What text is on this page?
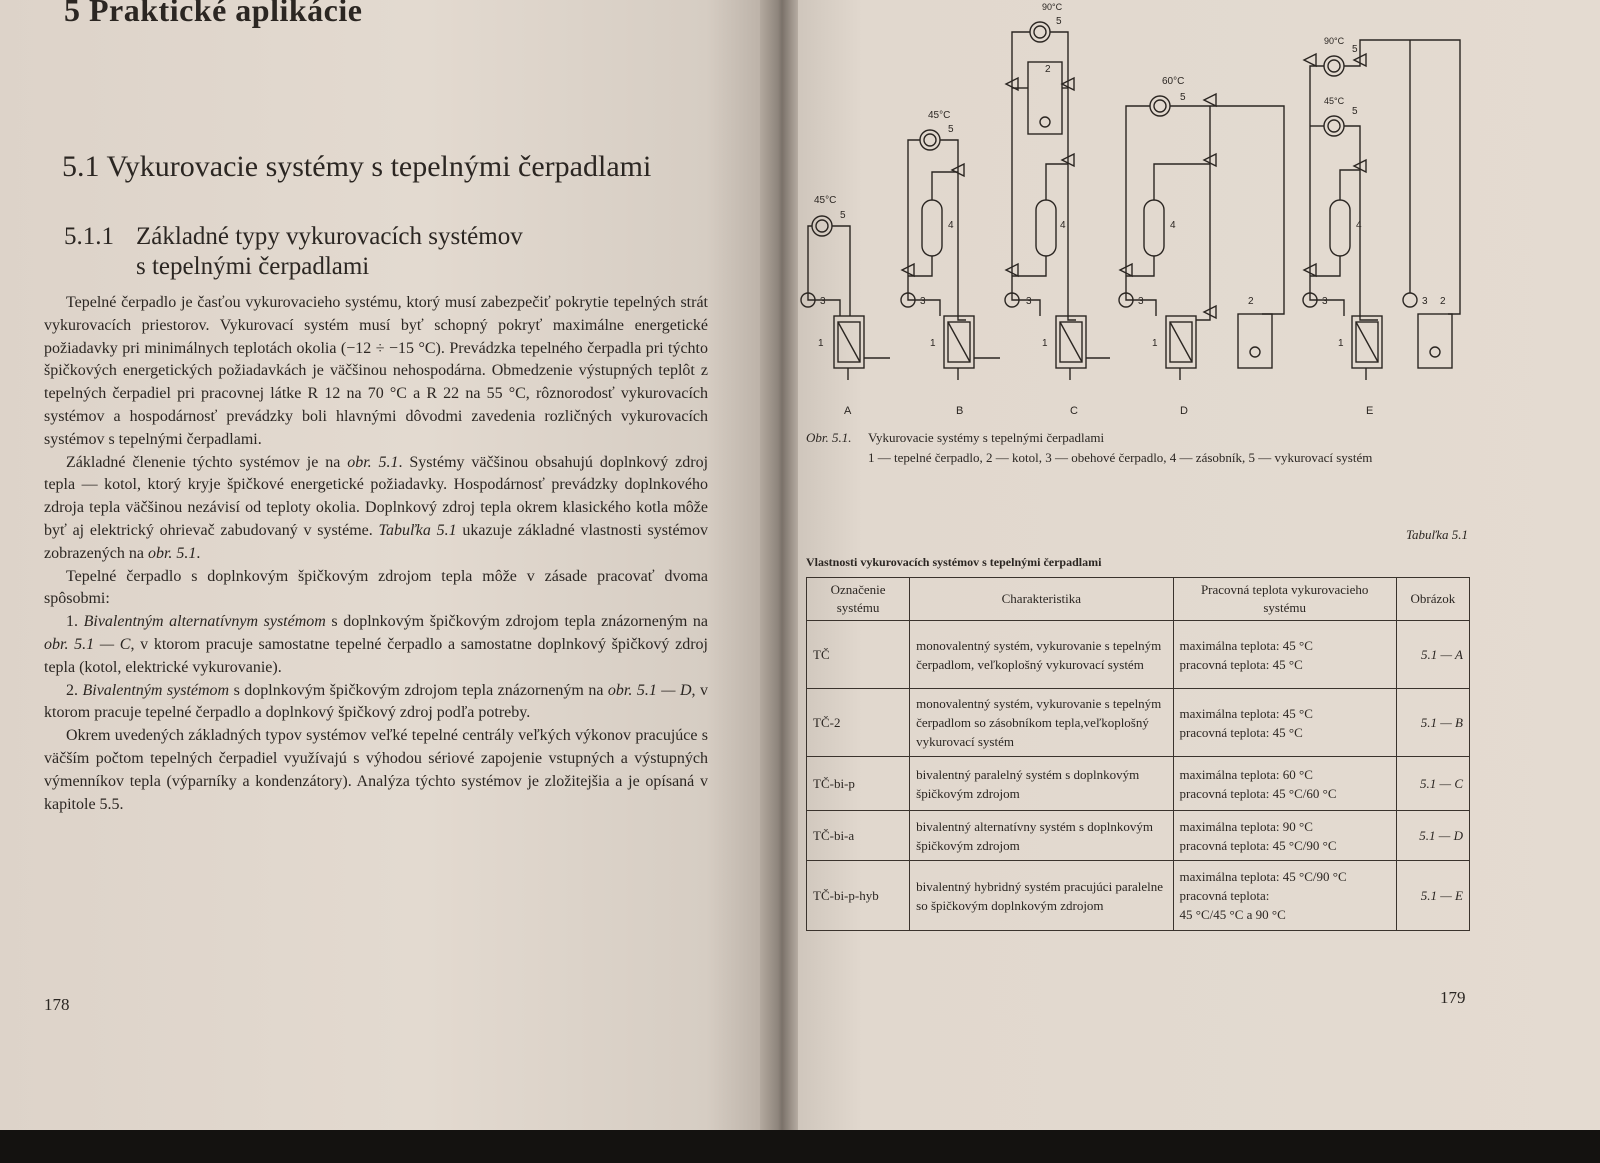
5 Praktické aplikácie
5.1 Vykurovacie systémy s tepelnými čerpadlami
5.1.1 Základné typy vykurovacích systémov
s tepelnými čerpadlami

Tepelné čerpadlo je časťou vykurovacieho systému, ktorý musí zabezpečiť pokrytie tepelných strát vykurovacích priestorov. Vykurovací systém musí byť schopný pokryť maximálne energetické požiadavky pri minimálnych teplotách okolia (−12 ÷ −15 °C). Prevádzka tepelného čerpadla pri týchto špičkových energetických požiadavkách je väčšinou nehospodárna. Obmedzenie výstupných teplôt z tepelných čerpadiel pri pracovnej látke R 12 na 70 °C a R 22 na 55 °C, rôznorodosť vykurovacích systémov a hospodárnosť prevádzky boli hlavnými dôvodmi zavedenia rozličných vykurovacích systémov s tepelnými čerpadlami.

Základné členenie týchto systémov je na obr. 5.1. Systémy väčšinou obsahujú doplnkový zdroj tepla — kotol, ktorý kryje špičkové energetické požiadavky. Hospodárnosť prevádzky doplnkového zdroja tepla väčšinou nezávisí od teploty okolia. Doplnkový zdroj tepla okrem klasického kotla môže byť aj elektrický ohrievač zabudovaný v systéme. Tabuľka 5.1 ukazuje základné vlastnosti systémov zobrazených na obr. 5.1.

Tepelné čerpadlo s doplnkovým špičkovým zdrojom tepla môže v zásade pracovať dvoma spôsobmi:

1. Bivalentným alternatívnym systémom s doplnkovým špičkovým zdrojom tepla znázorneným na obr. 5.1 — C, v ktorom pracuje samostatne tepelné čerpadlo a samostatne doplnkový špičkový zdroj tepla (kotol, elektrické vykurovanie).

2. Bivalentným systémom s doplnkovým špičkovým zdrojom tepla znázorneným na obr. 5.1 — D, v ktorom pracuje tepelné čerpadlo a doplnkový špičkový zdroj podľa potreby.

Okrem uvedených základných typov systémov veľké tepelné centrály veľkých výkonov pracujúce s väčším počtom tepelných čerpadiel využívajú s výhodou sériové zapojenie vstupných a výstupných výmenníkov tepla (výparníky a kondenzátory). Analýza týchto systémov je zložitejšia a je opísaná v kapitole 5.5.

178
45°C
5
3
1
A
45°C
5
4
3
1
B
90°C
5
2
4
3
1
C
60°C
5
4
3	2
1
D
90°C
5
45°C
5
4
3	3 2
1
E
Obr. 5.1. Vykurovacie systémy s tepelnými čerpadlami
1 — tepelné čerpadlo, 2 — kotol, 3 — obehové čerpadlo, 4 — zásobník, 5 — vykurovací systém
Tabuľka 5.1
Vlastnosti vykurovacích systémov s tepelnými čerpadlami
Označenie systému	Charakteristika	Pracovná teplota vykurovacieho systému	Obrázok
TČ	monovalentný systém, vykurovanie s tepelným čerpadlom, veľkoplošný vykurovací systém	maximálna teplota: 45 °C
pracovná teplota: 45 °C	5.1 — A
TČ-2	monovalentný systém, vykurovanie s tepelným čerpadlom so zásobníkom tepla,veľkoplošný vykurovací systém	maximálna teplota: 45 °C
pracovná teplota: 45 °C	5.1 — B
TČ-bi-p	bivalentný paralelný systém s doplnkovým špičkovým zdrojom	maximálna teplota: 60 °C
pracovná teplota: 45 °C/60 °C	5.1 — C
TČ-bi-a	bivalentný alternatívny systém s doplnkovým špičkovým zdrojom	maximálna teplota: 90 °C
pracovná teplota: 45 °C/90 °C	5.1 — D
TČ-bi-p-hyb	bivalentný hybridný systém pracujúci paralelne so špičkovým doplnkovým zdrojom	maximálna teplota: 45 °C/90 °C
pracovná teplota:
45 °C/45 °C a 90 °C	5.1 — E
179
